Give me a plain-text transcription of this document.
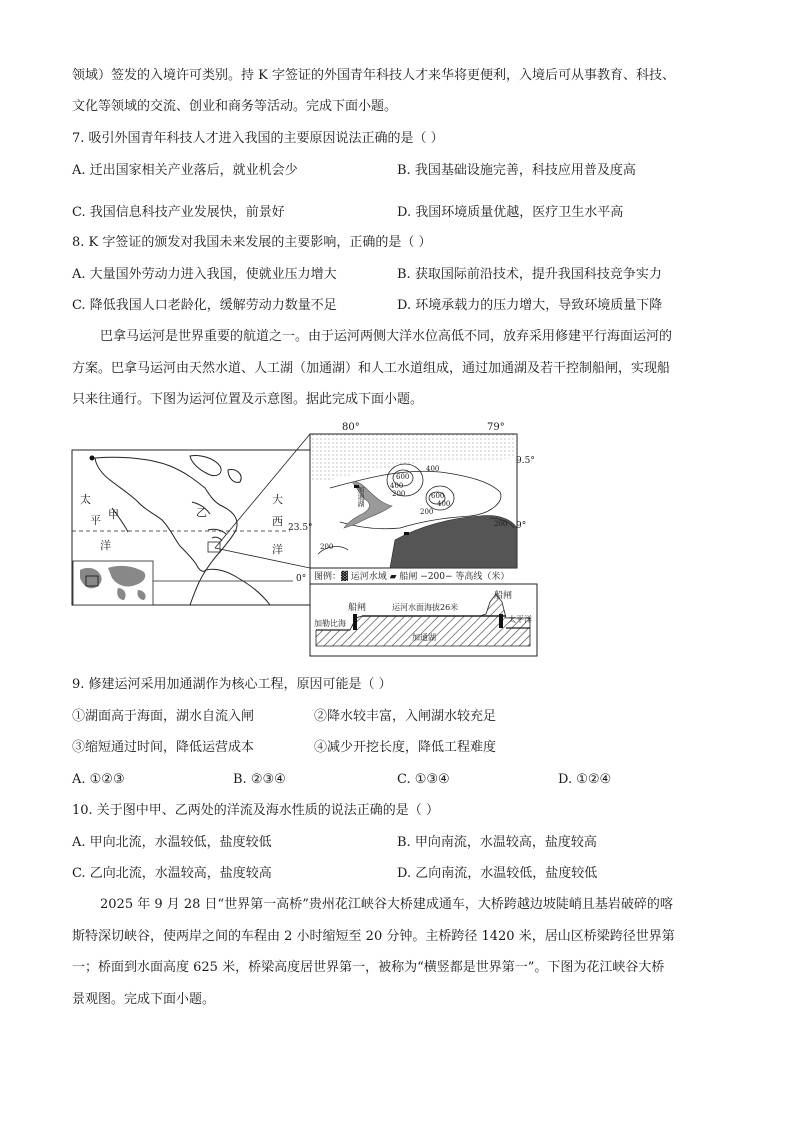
领域）签发的入境许可类别。持 K 字签证的外国青年科技人才来华将更便利，入境后可从事教育、科技、
文化等领域的交流、创业和商务等活动。完成下面小题。
7. 吸引外国青年科技人才进入我国的主要原因说法正确的是（ ）
A. 迁出国家相关产业落后，就业机会少	B. 我国基础设施完善，科技应用普及度高
C. 我国信息科技产业发展快，前景好	D. 我国环境质量优越，医疗卫生水平高
8. K 字签证的颁发对我国未来发展的主要影响，正确的是（ ）
A. 大量国外劳动力进入我国，使就业压力增大	B. 获取国际前沿技术，提升我国科技竞争实力
C. 降低我国人口老龄化，缓解劳动力数量不足	D. 环境承载力的压力增大，导致环境质量下降
巴拿马运河是世界重要的航道之一。由于运河两侧大洋水位高低不同，放弃采用修建平行海面运河的
方案。巴拿马运河由天然水道、人工湖（加通湖）和人工水道组成，通过加通湖及若干控制船闸，实现船
只来往通行。下图为运河位置及示意图。据此完成下面小题。
太
平
洋
甲	乙
大
西
洋
23.5°
0°
80°	79°
9.5°
9°
600
400
200
400
600
400
200
200
200
加通湖
图例：▓ 运河水域 ▰ 船闸 −200− 等高线（米）
船闸
船闸
运河水面海拔26米
加通湖
加勒比海	太平洋
9. 修建运河采用加通湖作为核心工程，原因可能是（ ）
①湖面高于海面，湖水自流入闸	②降水较丰富，入闸湖水较充足
③缩短通过时间，降低运营成本	④减少开挖长度，降低工程难度
A. ①②③	B. ②③④	C. ①③④	D. ①②④
10. 关于图中甲、乙两处的洋流及海水性质的说法正确的是（ ）
A. 甲向北流，水温较低，盐度较低	B. 甲向南流，水温较高，盐度较高
C. 乙向北流，水温较高，盐度较高	D. 乙向南流，水温较低，盐度较低
2025 年 9 月 28 日“世界第一高桥”贵州花江峡谷大桥建成通车，大桥跨越边坡陡峭且基岩破碎的喀
斯特深切峡谷，使两岸之间的车程由 2 小时缩短至 20 分钟。主桥跨径 1420 米，居山区桥梁跨径世界第
一；桥面到水面高度 625 米，桥梁高度居世界第一，被称为“横竖都是世界第一”。下图为花江峡谷大桥
景观图。完成下面小题。
